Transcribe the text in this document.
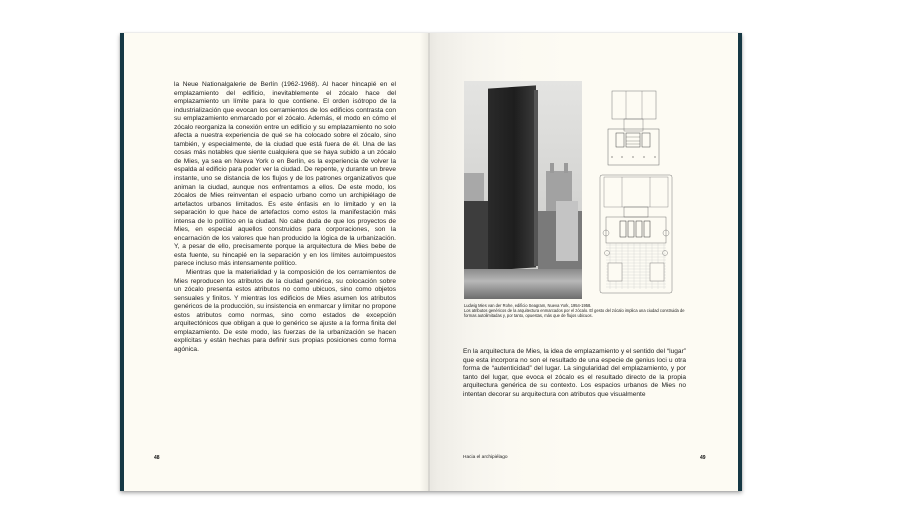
la Neue Nationalgalerie de Berlín (1962-1968). Al hacer hincapié en el emplazamiento del edificio, inevitablemente el zócalo hace del emplazamiento un límite para lo que contiene. El orden isótropo de la industrialización que evocan los cerramientos de los edificios contrasta con su emplazamiento enmarcado por el zócalo. Además, el modo en cómo el zócalo reorganiza la conexión entre un edificio y su emplazamiento no solo afecta a nuestra experiencia de qué se ha colocado sobre el zócalo, sino también, y especialmente, de la ciudad que está fuera de él. Una de las cosas más notables que siente cualquiera que se haya subido a un zócalo de Mies, ya sea en Nueva York o en Berlín, es la experiencia de volver la espalda al edificio para poder ver la ciudad. De repente, y durante un breve instante, uno se distancia de los flujos y de los patrones organizativos que animan la ciudad, aunque nos enfrentamos a ellos. De este modo, los zócalos de Mies reinventan el espacio urbano como un archipiélago de artefactos urbanos limitados. Es este énfasis en lo limitado y en la separación lo que hace de artefactos como estos la manifestación más intensa de lo político en la ciudad. No cabe duda de que los proyectos de Mies, en especial aquellos construidos para corporaciones, son la encarnación de los valores que han producido la lógica de la urbanización. Y, a pesar de ello, precisamente porque la arquitectura de Mies bebe de esta fuente, su hincapié en la separación y en los límites autoimpuestos parece incluso más intensamente político.

Mientras que la materialidad y la composición de los cerramientos de Mies reproducen los atributos de la ciudad genérica, su colocación sobre un zócalo presenta estos atributos no como ubicuos, sino como objetos sensuales y finitos. Y mientras los edificios de Mies asumen los atributos genéricos de la producción, su insistencia en enmarcar y limitar no propone estos atributos como normas, sino como estados de excepción arquitectónicos que obligan a que lo genérico se ajuste a la forma finita del emplazamiento. De este modo, las fuerzas de la urbanización se hacen explícitas y están hechas para definir sus propias posiciones como forma agónica.

48

Ludwig Mies van der Rohe, edificio Seagram, Nueva York, 1954-1958.

Los atributos genéricos de la arquitectura enmarcados por el zócalo. El gesto del zócalo implica una ciudad construida de formas autolimitadas y, por tanto, opuestas, más que de flujos ubicuos.

En la arquitectura de Mies, la idea de emplazamiento y el sentido del “lugar” que esta incorpora no son el resultado de una especie de genius loci u otra forma de “autenticidad” del lugar. La singularidad del emplazamiento, y por tanto del lugar, que evoca el zócalo es el resultado directo de la propia arquitectura genérica de su contexto. Los espacios urbanos de Mies no intentan decorar su arquitectura con atributos que visualmente

Hacia el archipiélago	49
